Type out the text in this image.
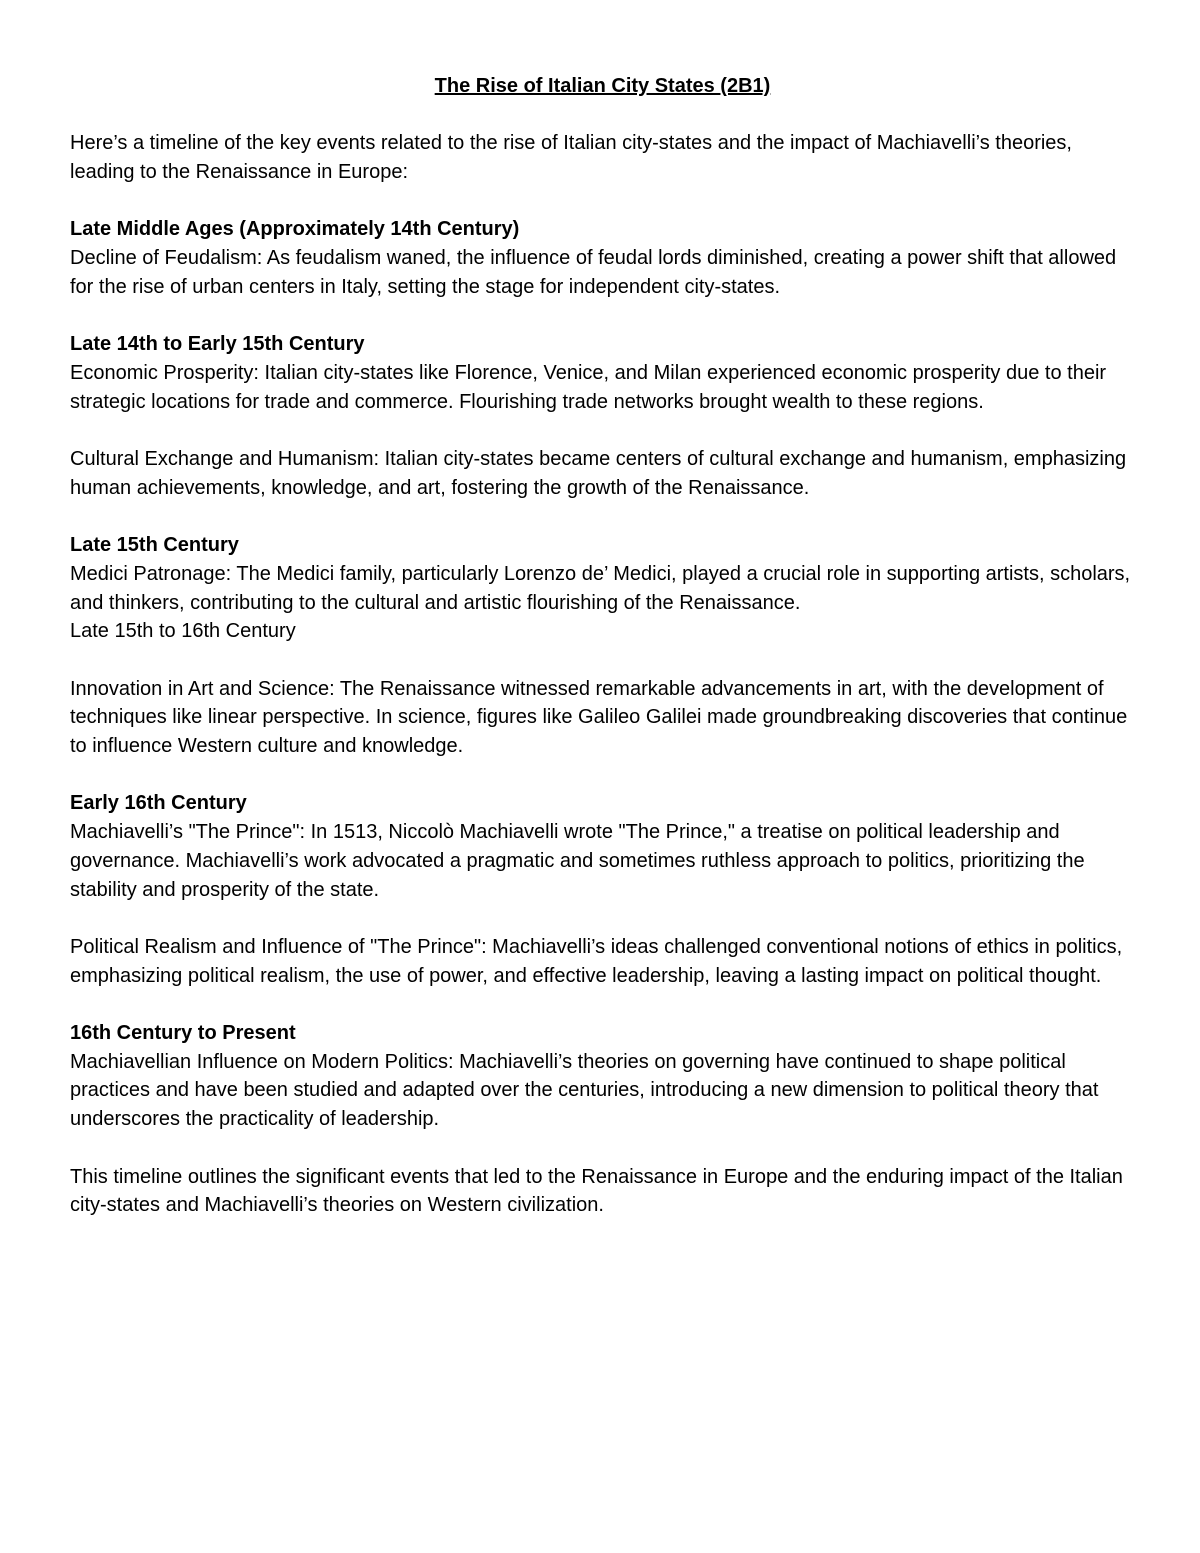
The Rise of Italian City States (2B1)
Here’s a timeline of the key events related to the rise of Italian city-states and the impact of Machiavelli’s theories, leading to the Renaissance in Europe:
Late Middle Ages (Approximately 14th Century)
Decline of Feudalism: As feudalism waned, the influence of feudal lords diminished, creating a power shift that allowed for the rise of urban centers in Italy, setting the stage for independent city-states.
Late 14th to Early 15th Century
Economic Prosperity: Italian city-states like Florence, Venice, and Milan experienced economic prosperity due to their strategic locations for trade and commerce. Flourishing trade networks brought wealth to these regions.
Cultural Exchange and Humanism: Italian city-states became centers of cultural exchange and humanism, emphasizing human achievements, knowledge, and art, fostering the growth of the Renaissance.
Late 15th Century
Medici Patronage: The Medici family, particularly Lorenzo de’ Medici, played a crucial role in supporting artists, scholars, and thinkers, contributing to the cultural and artistic flourishing of the Renaissance.
Late 15th to 16th Century
Innovation in Art and Science: The Renaissance witnessed remarkable advancements in art, with the development of techniques like linear perspective. In science, figures like Galileo Galilei made groundbreaking discoveries that continue to influence Western culture and knowledge.
Early 16th Century
Machiavelli’s "The Prince": In 1513, Niccolò Machiavelli wrote "The Prince," a treatise on political leadership and governance. Machiavelli’s work advocated a pragmatic and sometimes ruthless approach to politics, prioritizing the stability and prosperity of the state.
Political Realism and Influence of "The Prince": Machiavelli’s ideas challenged conventional notions of ethics in politics, emphasizing political realism, the use of power, and effective leadership, leaving a lasting impact on political thought.
16th Century to Present
Machiavellian Influence on Modern Politics: Machiavelli’s theories on governing have continued to shape political practices and have been studied and adapted over the centuries, introducing a new dimension to political theory that underscores the practicality of leadership.
This timeline outlines the significant events that led to the Renaissance in Europe and the enduring impact of the Italian city-states and Machiavelli’s theories on Western civilization.
